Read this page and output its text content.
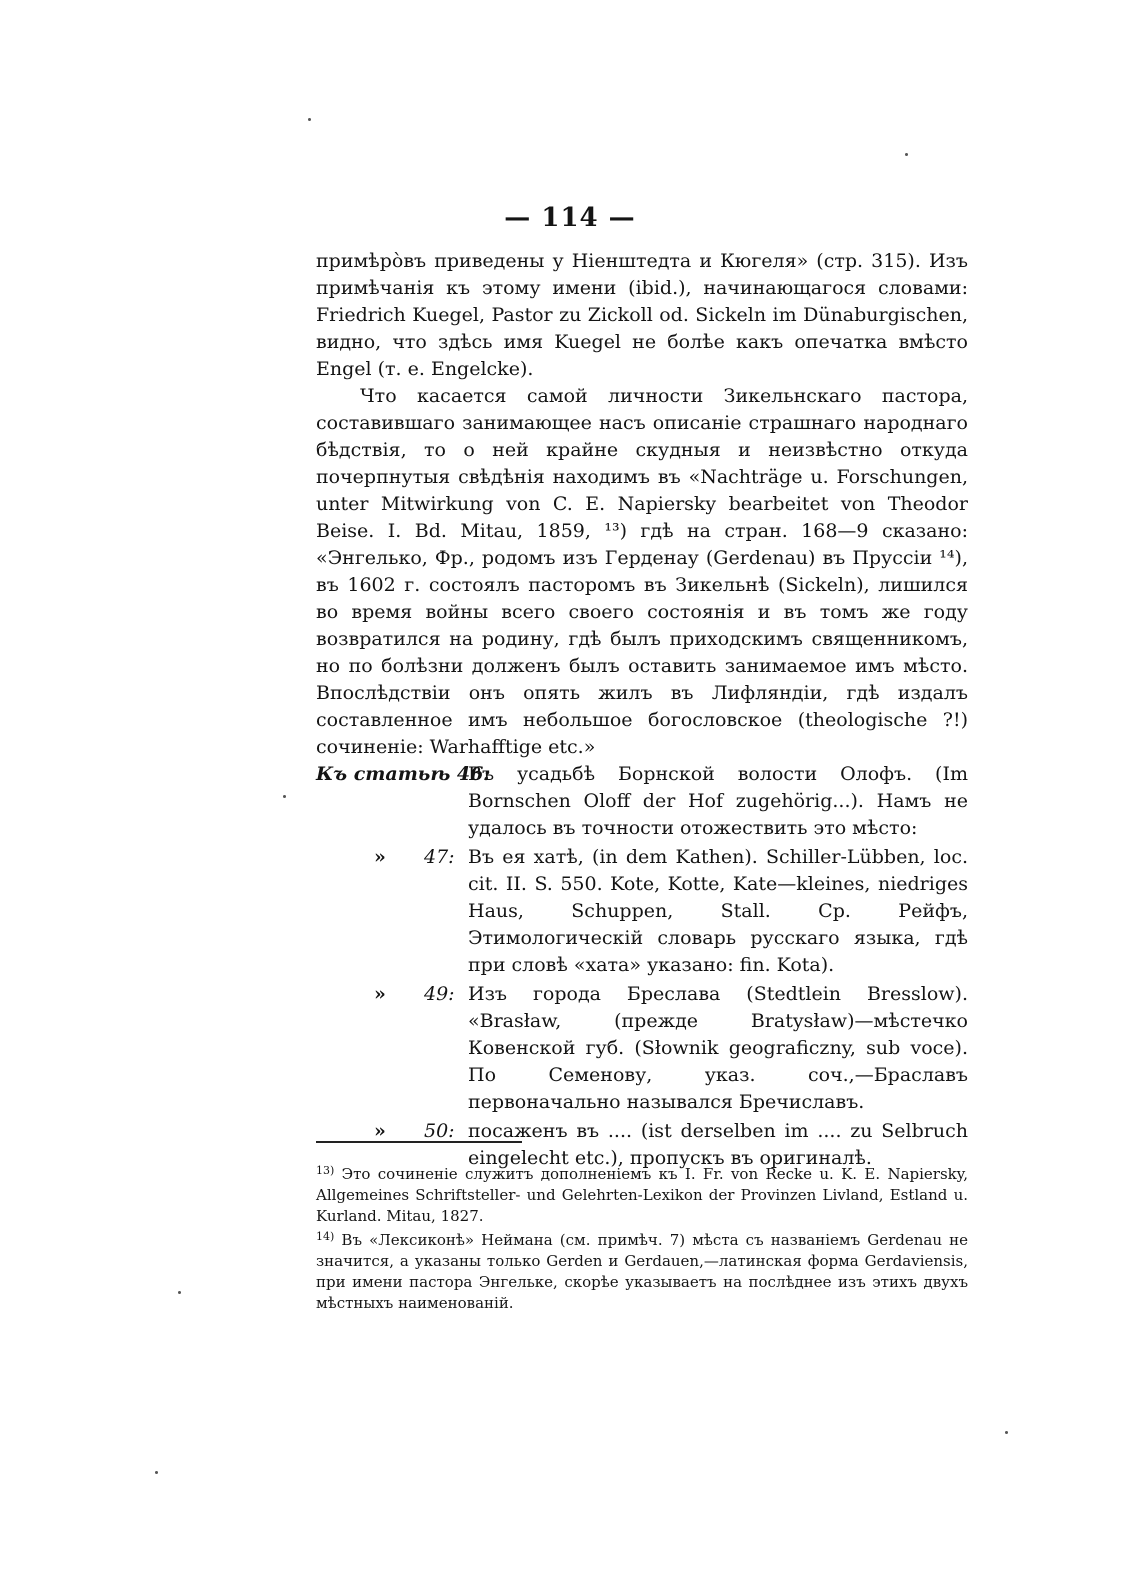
— 114 —

примѣро̀въ приведены у Ніенштедта и Кюгеля» (стр. 315). Изъ примѣчанія къ этому имени (ibid.), начинающагося словами: Friedrich Kuegel, Pastor zu Zickoll od. Sickeln im Dünaburgischen, видно, что здѣсь имя Kuegel не болѣе какъ опечатка вмѣсто Engel (т. е. Engelcke).

Что касается самой личности Зикельнскаго пастора, составившаго занимающее насъ описаніе страшнаго народнаго бѣдствія‚ то о ней крайне скудныя и неизвѣстно откуда почерпнутыя свѣдѣнія находимъ въ «Nachträge u. Forschungen, unter Mitwirkung von C. E. Napiersky bearbeitet von Theodor Beise. I. Bd. Mitau, 1859, ¹³) гдѣ на стран. 168—9 сказано: «Энгелько, Фр., родомъ изъ Герденау (Gerdenau) въ Пруссіи ¹⁴), въ 1602 г. состоялъ пасторомъ въ Зикельнѣ (Sickeln), лишился во время войны всего своего состоянія и въ томъ же году возвратился на родину, гдѣ былъ приходскимъ священникомъ, но по болѣзни долженъ былъ оставить занимаемое имъ мѣсто. Впослѣдствіи онъ опять жилъ въ Лифляндіи, гдѣ издалъ составленное имъ небольшое богословское (theologische ?!) сочиненіе: Warhafftige etc.»

Къ статьѣ 46:
Въ усадьбѣ Борнской волости Олофъ. (Im Bornschen Oloff der Hof zugehörig...). Намъ не удалось въ точности отожествить это мѣсто:
» 47: Въ ея хатѣ, (in dem Kathen). Schiller-Lübben, loc. cit. II. S. 550. Kote, Kotte, Kate—kleines, niedriges Haus, Schuppen, Stall. Ср. Рейфъ, Этимологическій словарь русскаго языка, гдѣ при словѣ «хата» указано: fin. Kota).
» 49: Изъ города Бреслава (Stedtlein Bresslow). «Brasław, (прежде Bratysław)—мѣстечко Ковенской губ. (Słownik geograficzny, sub voce). По Семенову, указ. соч.,—Браславъ первоначально назывался Бречиславъ.
» 50: посаженъ въ .... (ist derselben im .... zu Selbruch eingelecht etc.), пропускъ въ оригиналѣ.

$^{13)}$ Это сочиненіе служитъ дополненіемъ къ I. Fr. von Recke u. K. E. Napiersky, Allgemeines Schriftsteller- und Gelehrten-Lexikon der Provinzen Livland, Estland u. Kurland. Mitau, 1827.

$^{14)}$ Въ «Лексиконѣ» Неймана (см. примѣч. 7) мѣста съ названіемъ Gerdenau не значится, а указаны только Gerden и Gerdauen,—латинская форма Gerdaviensis, при имени пастора Энгельке, скорѣе указываетъ на послѣднее изъ этихъ двухъ мѣстныхъ наименованій.
